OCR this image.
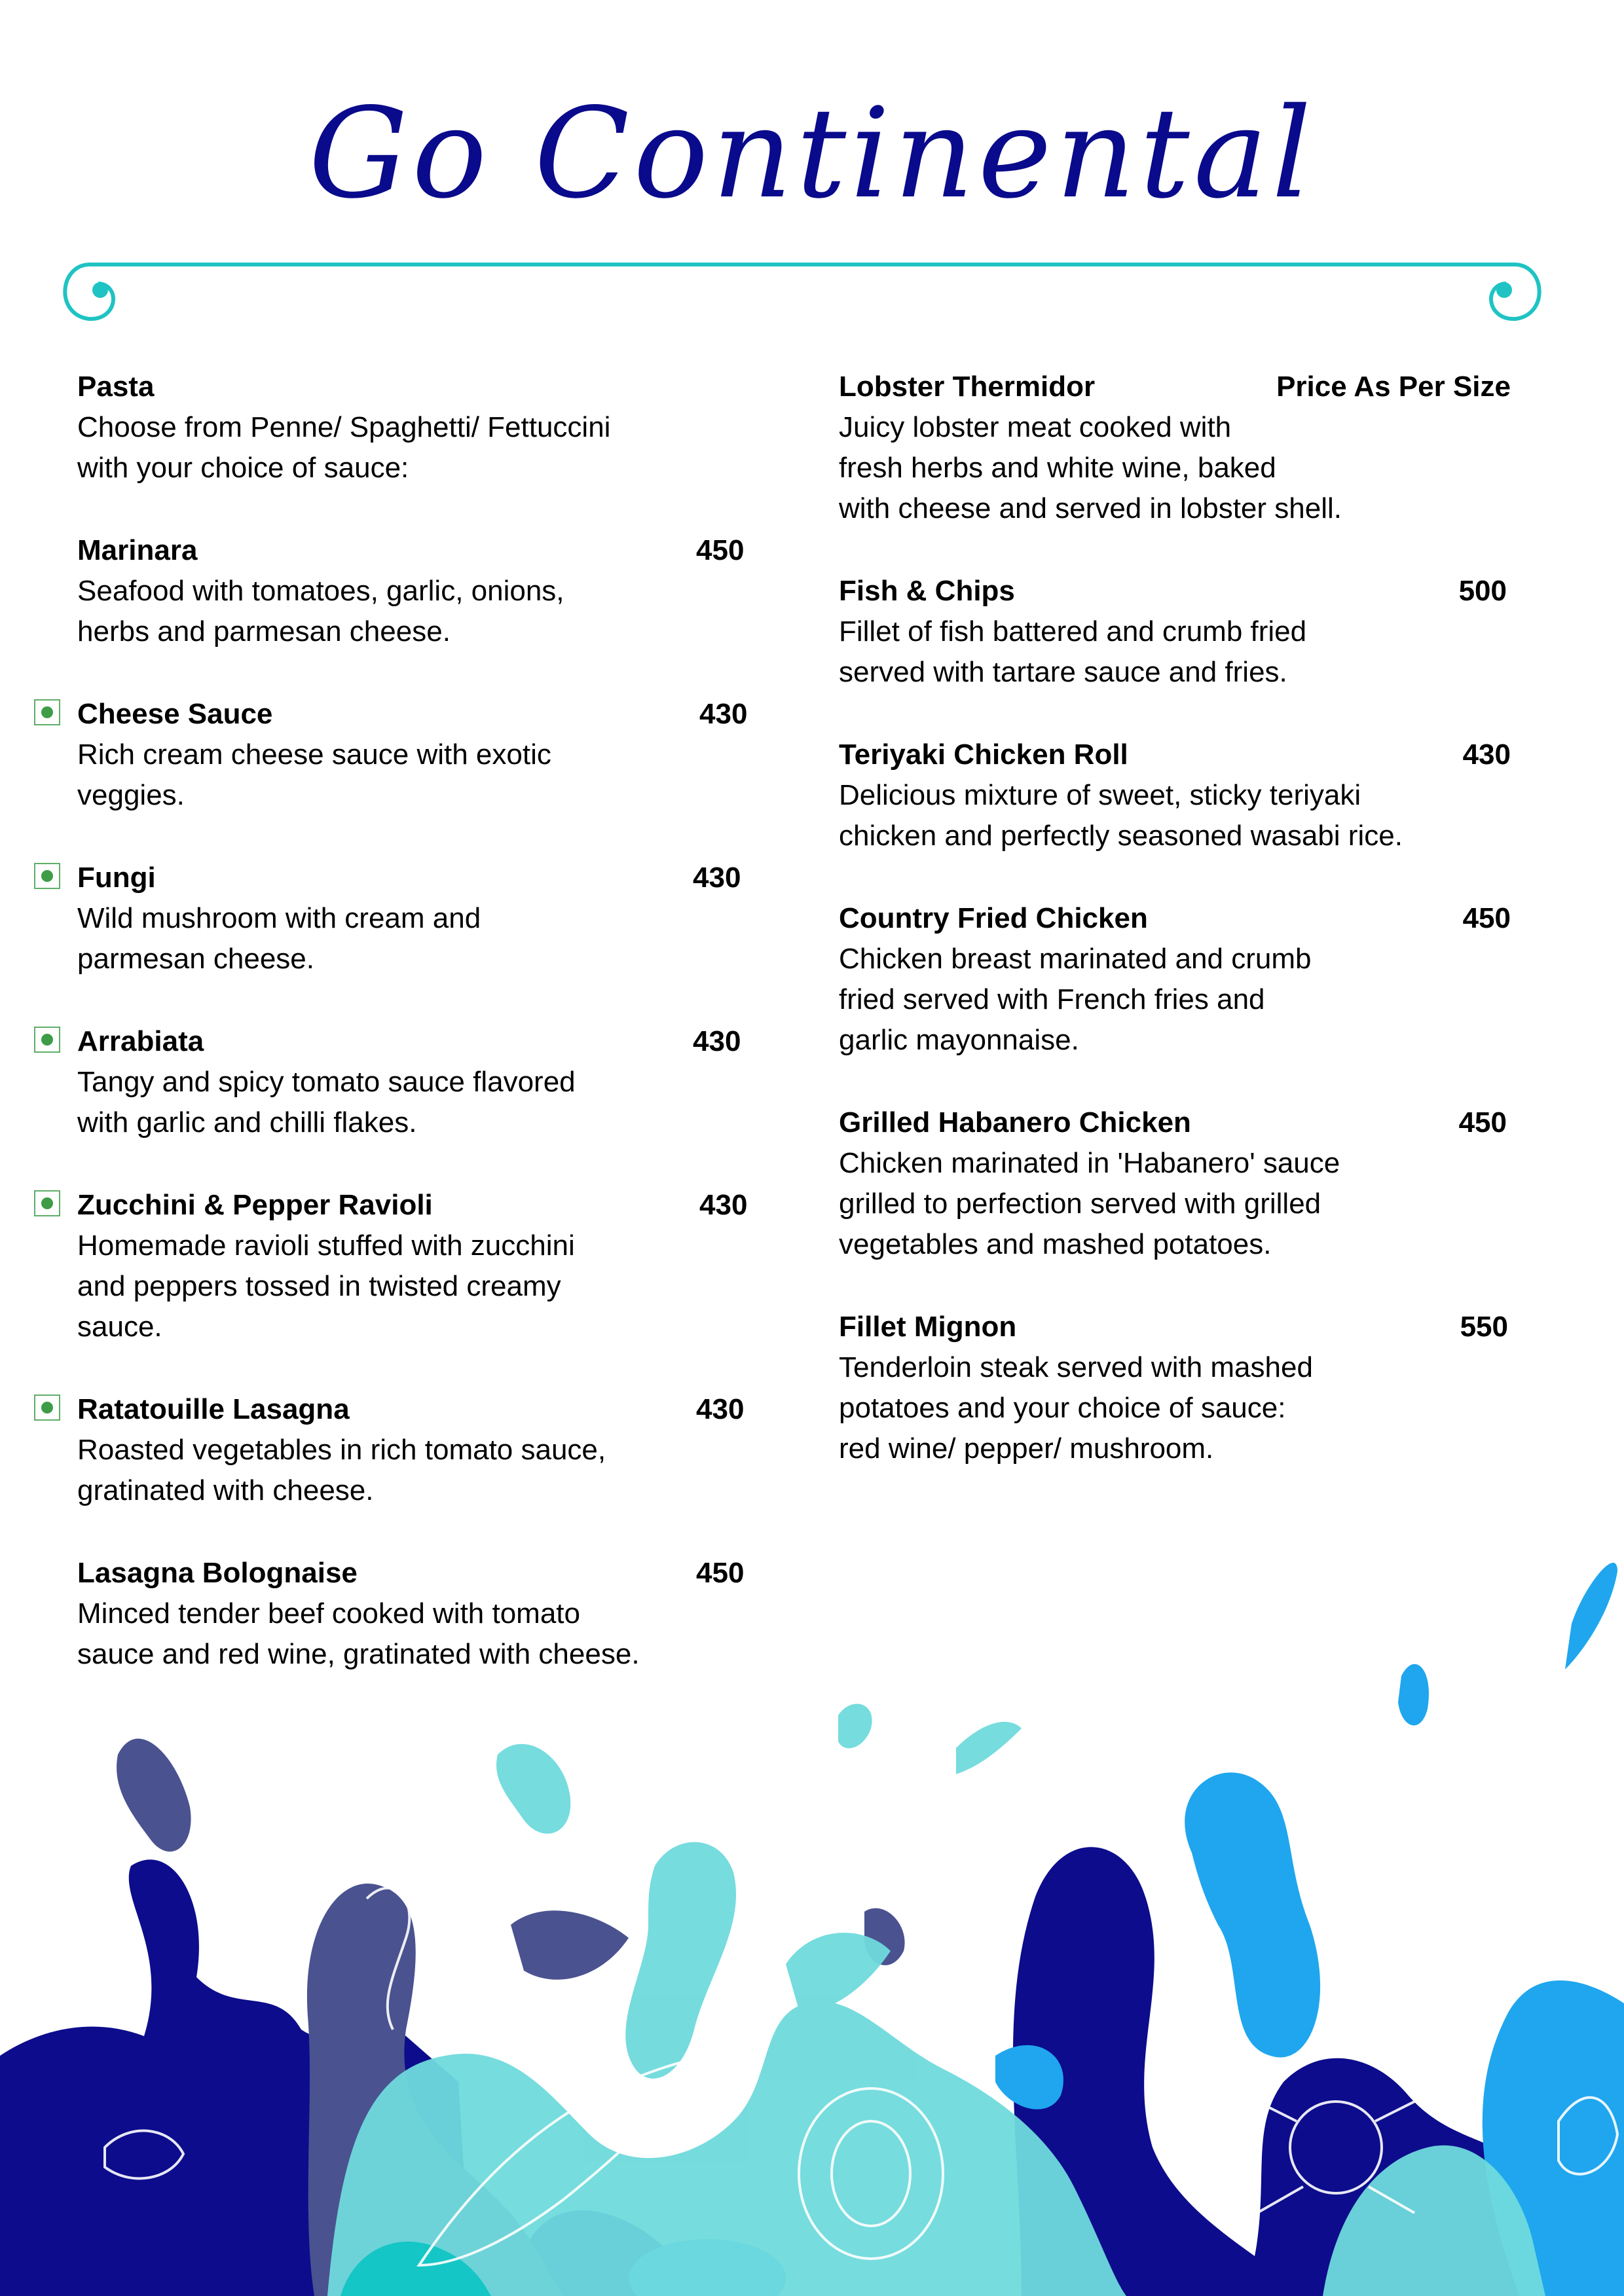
Go Continental
Pasta
Choose from Penne/ Spaghetti/ Fettuccini
with your choice of sauce:
Marinara	450
Seafood with tomatoes, garlic, onions,
herbs and parmesan cheese.
Cheese Sauce	430
Rich cream cheese sauce with exotic
veggies.
Fungi	430
Wild mushroom with cream and
parmesan cheese.
Arrabiata	430
Tangy and spicy tomato sauce flavored
with garlic and chilli flakes.
Zucchini & Pepper Ravioli	430
Homemade ravioli stuffed with zucchini
and peppers tossed in twisted creamy
sauce.
Ratatouille Lasagna	430
Roasted vegetables in rich tomato sauce,
gratinated with cheese.
Lasagna Bolognaise	450
Minced tender beef cooked with tomato
sauce and red wine, gratinated with cheese.
Lobster Thermidor	Price As Per Size
Juicy lobster meat cooked with
fresh herbs and white wine, baked
with cheese and served in lobster shell.
Fish & Chips	500
Fillet of fish battered and crumb fried
served with tartare sauce and fries.
Teriyaki Chicken Roll	430
Delicious mixture of sweet, sticky teriyaki
chicken and perfectly seasoned wasabi rice.
Country Fried Chicken	450
Chicken breast marinated and crumb
fried served with French fries and
garlic mayonnaise.
Grilled Habanero Chicken	450
Chicken marinated in 'Habanero' sauce
grilled to perfection served with grilled
vegetables and mashed potatoes.
Fillet Mignon	550
Tenderloin steak served with mashed
potatoes and your choice of sauce:
red wine/ pepper/ mushroom.
